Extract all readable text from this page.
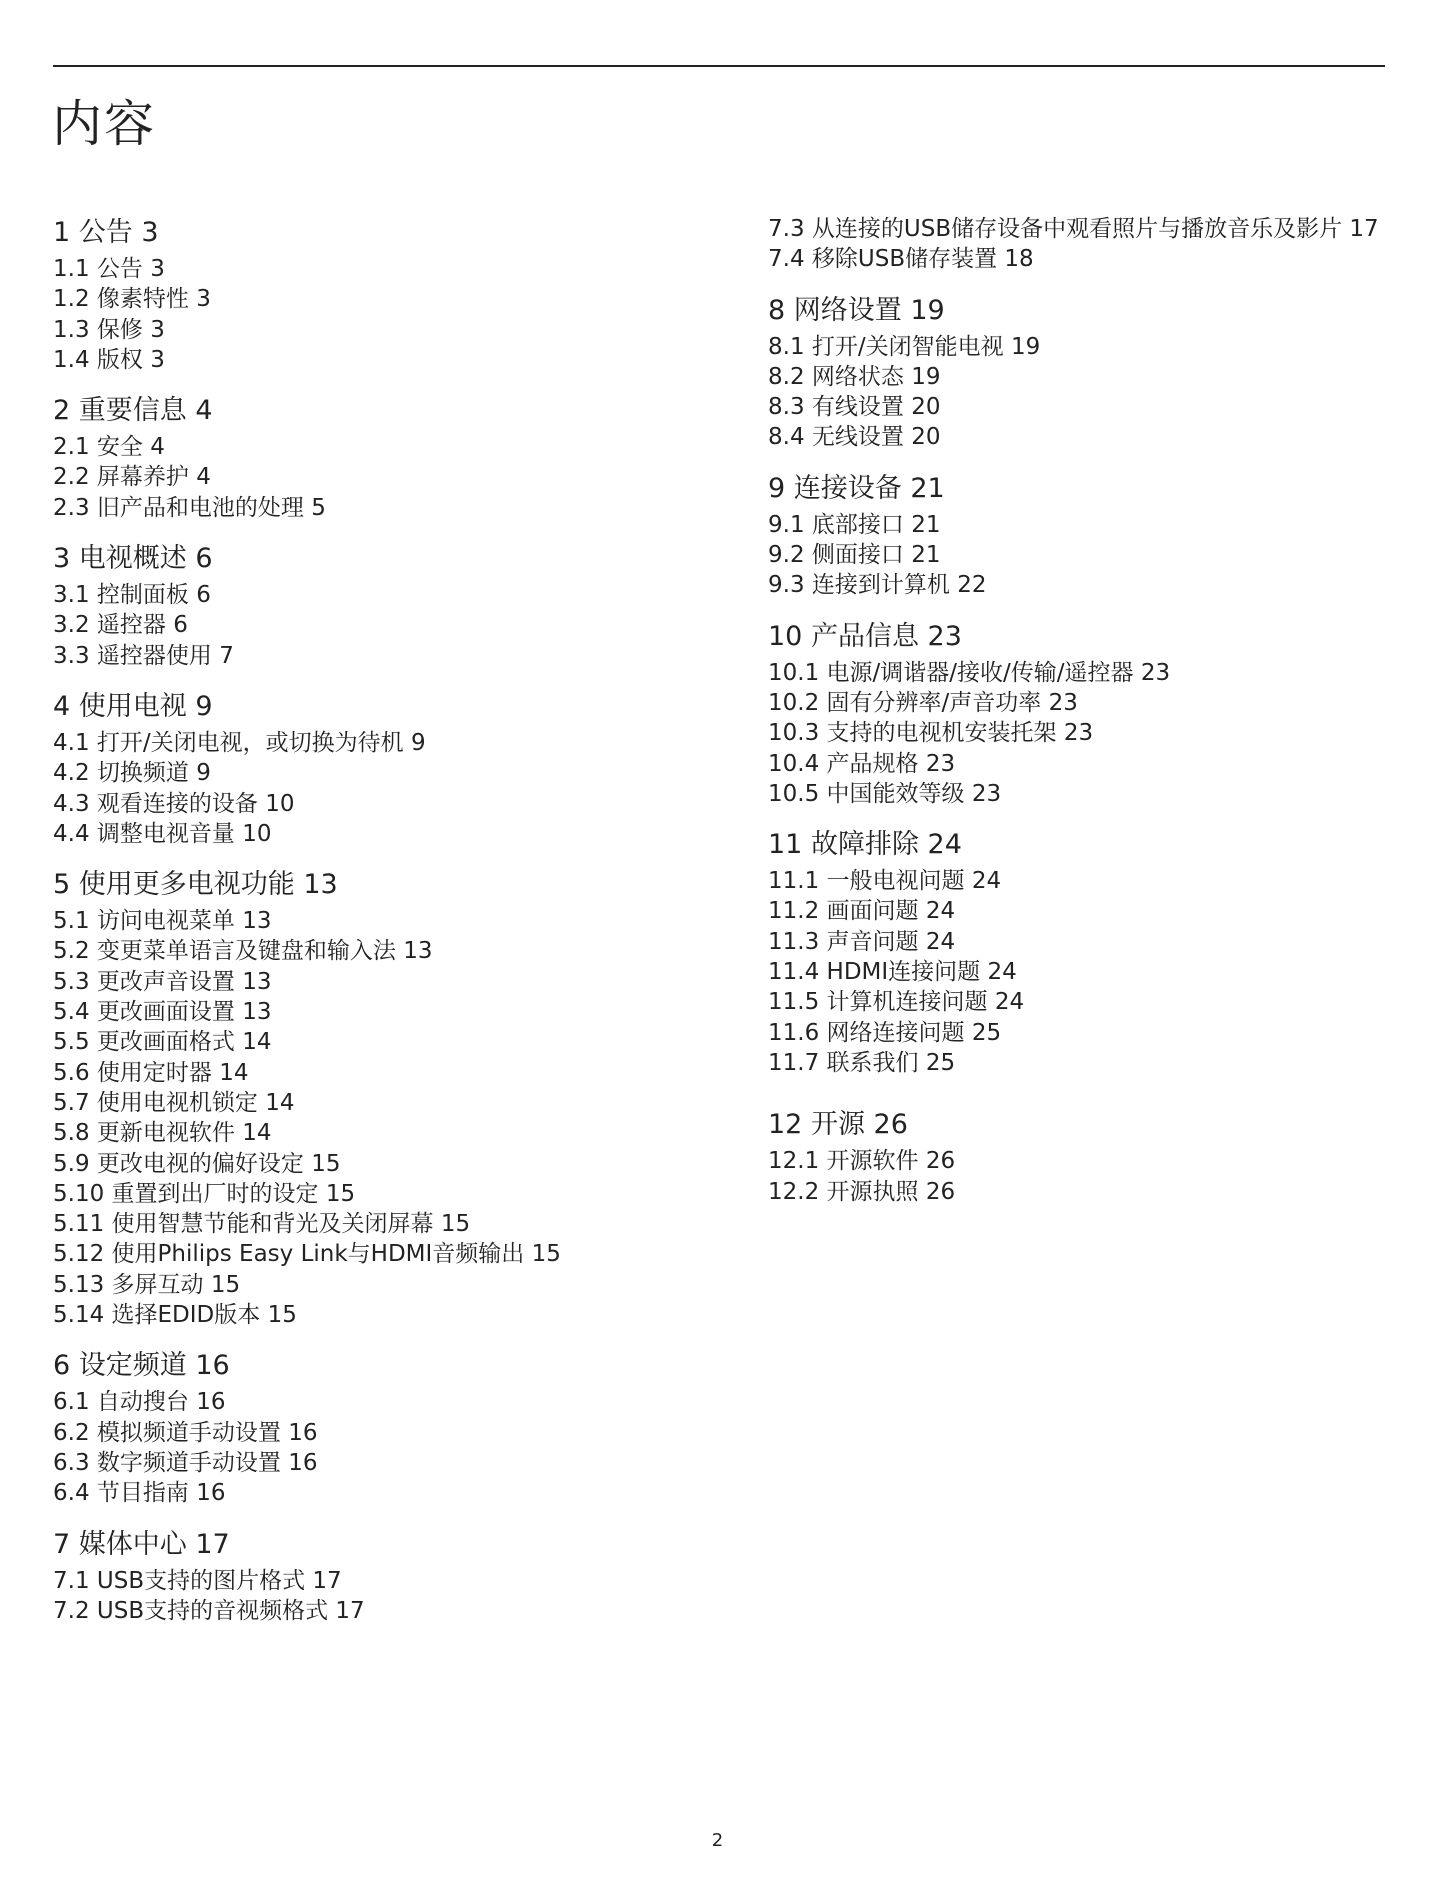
内容
1 公告 3
1.1 公告 3
1.2 像素特性 3
1.3 保修 3
1.4 版权 3
2 重要信息 4
2.1 安全 4
2.2 屏幕养护 4
2.3 旧产品和电池的处理 5
3 电视概述 6
3.1 控制面板 6
3.2 遥控器 6
3.3 遥控器使用 7
4 使用电视 9
4.1 打开/关闭电视，或切换为待机 9
4.2 切换频道 9
4.3 观看连接的设备 10
4.4 调整电视音量 10
5 使用更多电视功能 13
5.1 访问电视菜单 13
5.2 变更菜单语言及键盘和输入法 13
5.3 更改声音设置 13
5.4 更改画面设置 13
5.5 更改画面格式 14
5.6 使用定时器 14
5.7 使用电视机锁定 14
5.8 更新电视软件 14
5.9 更改电视的偏好设定 15
5.10 重置到出厂时的设定 15
5.11 使用智慧节能和背光及关闭屏幕 15
5.12 使用Philips Easy Link与HDMI音频输出 15
5.13 多屏互动 15
5.14 选择EDID版本 15
6 设定频道 16
6.1 自动搜台 16
6.2 模拟频道手动设置 16
6.3 数字频道手动设置 16
6.4 节目指南 16
7 媒体中心 17
7.1 USB支持的图片格式 17
7.2 USB支持的音视频格式 17
7.3 从连接的USB储存设备中观看照片与播放音乐及影片 17
7.4 移除USB储存装置 18
8 网络设置 19
8.1 打开/关闭智能电视 19
8.2 网络状态 19
8.3 有线设置 20
8.4 无线设置 20
9 连接设备 21
9.1 底部接口 21
9.2 侧面接口 21
9.3 连接到计算机 22
10 产品信息 23
10.1 电源/调谐器/接收/传输/遥控器 23
10.2 固有分辨率/声音功率 23
10.3 支持的电视机安装托架 23
10.4 产品规格 23
10.5 中国能效等级 23
11 故障排除 24
11.1 一般电视问题 24
11.2 画面问题 24
11.3 声音问题 24
11.4 HDMI连接问题 24
11.5 计算机连接问题 24
11.6 网络连接问题 25
11.7 联系我们 25
12 开源 26
12.1 开源软件 26
12.2 开源执照 26
2
